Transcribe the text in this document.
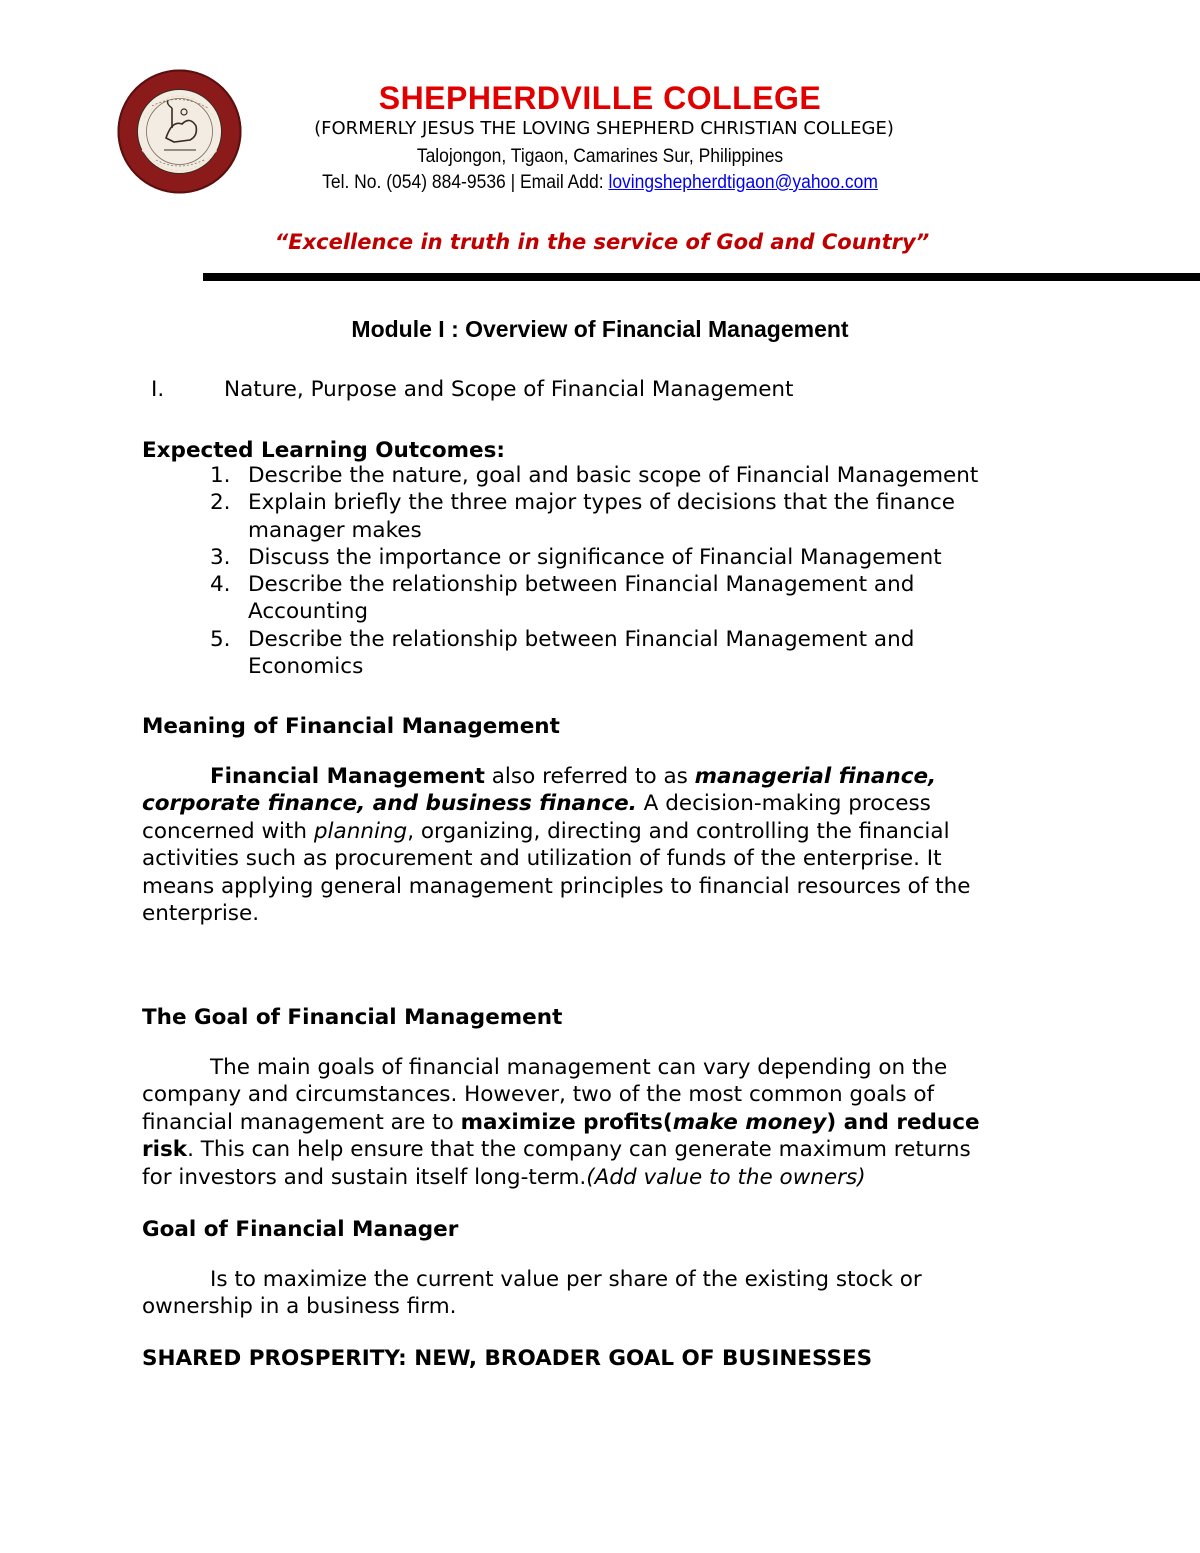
SHEPHERDVILLE COLLEGE
(FORMERLY JESUS THE LOVING SHEPHERD CHRISTIAN COLLEGE)
Talojongon, Tigaon, Camarines Sur, Philippines
Tel. No. (054) 884-9536 | Email Add: lovingshepherdtigaon@yahoo.com
“Excellence in truth in the service of God and Country”
Module I : Overview of Financial Management
I.	Nature, Purpose and Scope of Financial Management
Expected Learning Outcomes:
1. Describe the nature, goal and basic scope of Financial Management
2. Explain briefly the three major types of decisions that the finance
manager makes
3. Discuss the importance or significance of Financial Management
4. Describe the relationship between Financial Management and
Accounting
5. Describe the relationship between Financial Management and
Economics
Meaning of Financial Management
Financial Management also referred to as managerial finance,
corporate finance, and business finance. A decision-making process
concerned with planning, organizing, directing and controlling the financial
activities such as procurement and utilization of funds of the enterprise. It
means applying general management principles to financial resources of the
enterprise.
The Goal of Financial Management
The main goals of financial management can vary depending on the
company and circumstances. However, two of the most common goals of
financial management are to maximize profits(make money) and reduce
risk. This can help ensure that the company can generate maximum returns
for investors and sustain itself long-term.(Add value to the owners)
Goal of Financial Manager
Is to maximize the current value per share of the existing stock or
ownership in a business firm.
SHARED PROSPERITY: NEW, BROADER GOAL OF BUSINESSES
